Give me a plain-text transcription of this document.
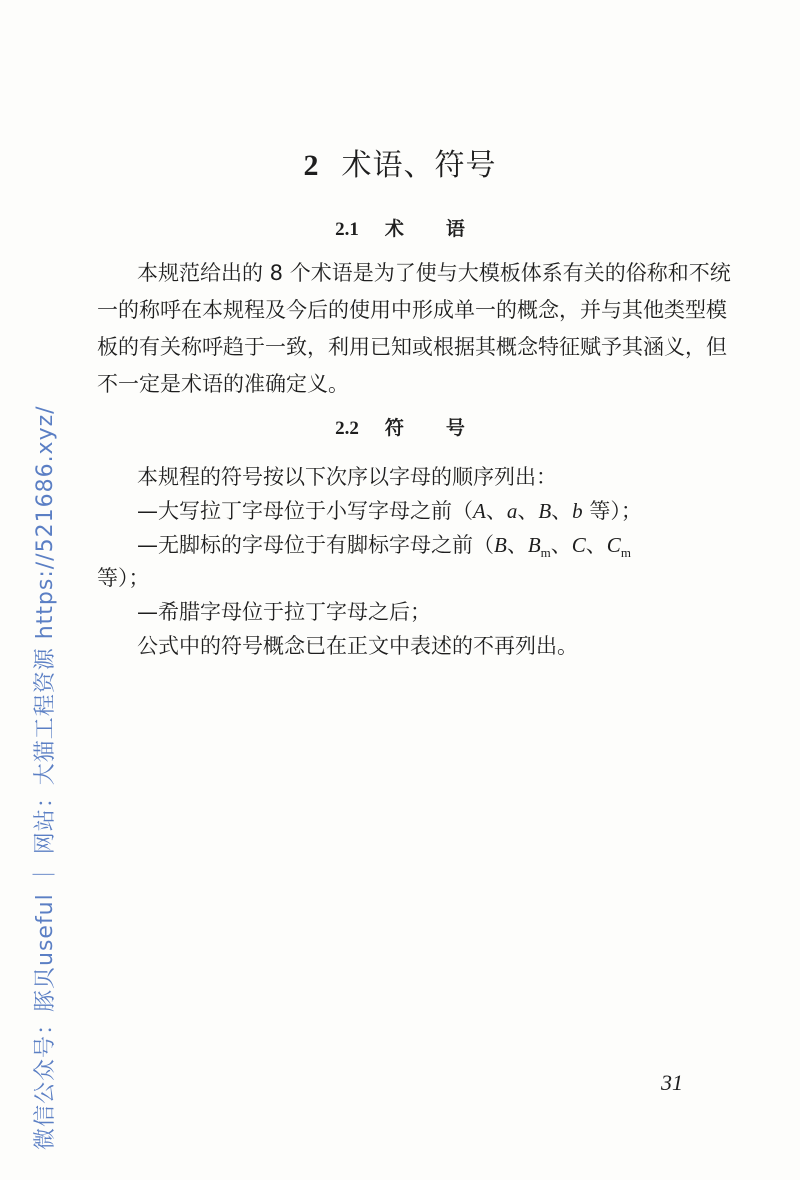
2 术语、符号
2.1 术 语
本规范给出的 8 个术语是为了使与大模板体系有关的俗称和不统一的称呼在本规程及今后的使用中形成单一的概念，并与其他类型模板的有关称呼趋于一致，利用已知或根据其概念特征赋予其涵义，但不一定是术语的准确定义。
2.2 符 号
本规程的符号按以下次序以字母的顺序列出：
—大写拉丁字母位于小写字母之前（A、a、B、b 等）；
—无脚标的字母位于有脚标字母之前（B、$B_m$、C、$C_m$
等）；
—希腊字母位于拉丁字母之后；
公式中的符号概念已在正文中表述的不再列出。
31
微信公众号：豚贝useful ｜ 网站：大猫工程资源 https://521686.xyz/
